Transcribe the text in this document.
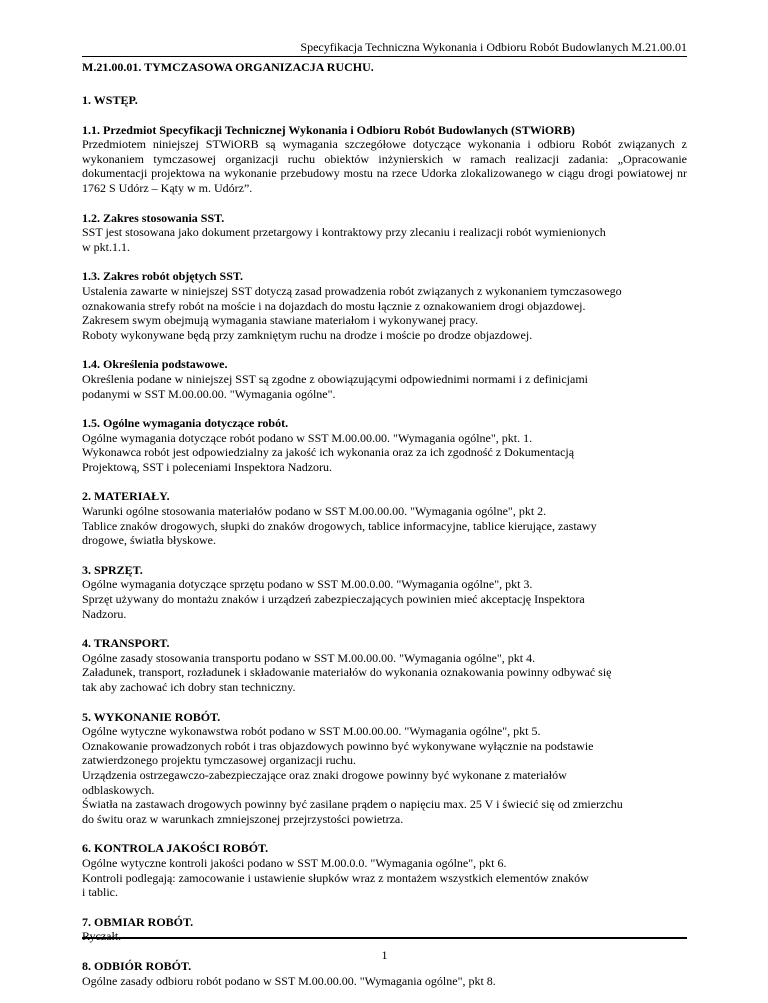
Specyfikacja Techniczna Wykonania i Odbioru Robót Budowlanych M.21.00.01
M.21.00.01. TYMCZASOWA ORGANIZACJA RUCHU.

1. WSTĘP.

1.1. Przedmiot Specyfikacji Technicznej Wykonania i Odbioru Robót Budowlanych (STWiORB)

Przedmiotem niniejszej STWiORB są wymagania szczegółowe dotyczące wykonania i odbioru Robót związanych z wykonaniem tymczasowej organizacji ruchu obiektów inżynierskich w ramach realizacji zadania: „Opracowanie dokumentacji projektowa na wykonanie przebudowy mostu na rzece Udorka zlokalizowanego w ciągu drogi powiatowej nr 1762 S Udórz – Kąty w m. Udórz”.

1.2. Zakres stosowania SST.

SST jest stosowana jako dokument przetargowy i kontraktowy przy zlecaniu i realizacji robót wymienionych

w pkt.1.1.

1.3. Zakres robót objętych SST.

Ustalenia zawarte w niniejszej SST dotyczą zasad prowadzenia robót związanych z wykonaniem tymczasowego

oznakowania strefy robót na moście i na dojazdach do mostu łącznie z oznakowaniem drogi objazdowej.

Zakresem swym obejmują wymagania stawiane materiałom i wykonywanej pracy.

Roboty wykonywane będą przy zamkniętym ruchu na drodze i moście po drodze objazdowej.

1.4. Określenia podstawowe.

Określenia podane w niniejszej SST są zgodne z obowiązującymi odpowiednimi normami i z definicjami

podanymi w SST M.00.00.00. "Wymagania ogólne".

1.5. Ogólne wymagania dotyczące robót.

Ogólne wymagania dotyczące robót podano w SST M.00.00.00. "Wymagania ogólne", pkt. 1.

Wykonawca robót jest odpowiedzialny za jakość ich wykonania oraz za ich zgodność z Dokumentacją

Projektową, SST i poleceniami Inspektora Nadzoru.

2. MATERIAŁY.

Warunki ogólne stosowania materiałów podano w SST M.00.00.00. "Wymagania ogólne", pkt 2.

Tablice znaków drogowych, słupki do znaków drogowych, tablice informacyjne, tablice kierujące, zastawy

drogowe, światła błyskowe.

3. SPRZĘT.

Ogólne wymagania dotyczące sprzętu podano w SST M.00.0.00. "Wymagania ogólne", pkt 3.

Sprzęt używany do montażu znaków i urządzeń zabezpieczających powinien mieć akceptację Inspektora

Nadzoru.

4. TRANSPORT.

Ogólne zasady stosowania transportu podano w SST M.00.00.00. "Wymagania ogólne", pkt 4.

Załadunek, transport, rozładunek i składowanie materiałów do wykonania oznakowania powinny odbywać się

tak aby zachować ich dobry stan techniczny.

5. WYKONANIE ROBÓT.

Ogólne wytyczne wykonawstwa robót podano w SST M.00.00.00. "Wymagania ogólne", pkt 5.

Oznakowanie prowadzonych robót i tras objazdowych powinno być wykonywane wyłącznie na podstawie

zatwierdzonego projektu tymczasowej organizacji ruchu.

Urządzenia ostrzegawczo-zabezpieczające oraz znaki drogowe powinny być wykonane z materiałów

odblaskowych.

Światła na zastawach drogowych powinny być zasilane prądem o napięciu max. 25 V i świecić się od zmierzchu

do świtu oraz w warunkach zmniejszonej przejrzystości powietrza.

6. KONTROLA JAKOŚCI ROBÓT.

Ogólne wytyczne kontroli jakości podano w SST M.00.0.0. "Wymagania ogólne", pkt 6.

Kontroli podlegają: zamocowanie i ustawienie słupków wraz z montażem wszystkich elementów znaków

i tablic.

7. OBMIAR ROBÓT.

Ryczałt.

8. ODBIÓR ROBÓT.

Ogólne zasady odbioru robót podano w SST M.00.00.00. "Wymagania ogólne", pkt 8.

1
